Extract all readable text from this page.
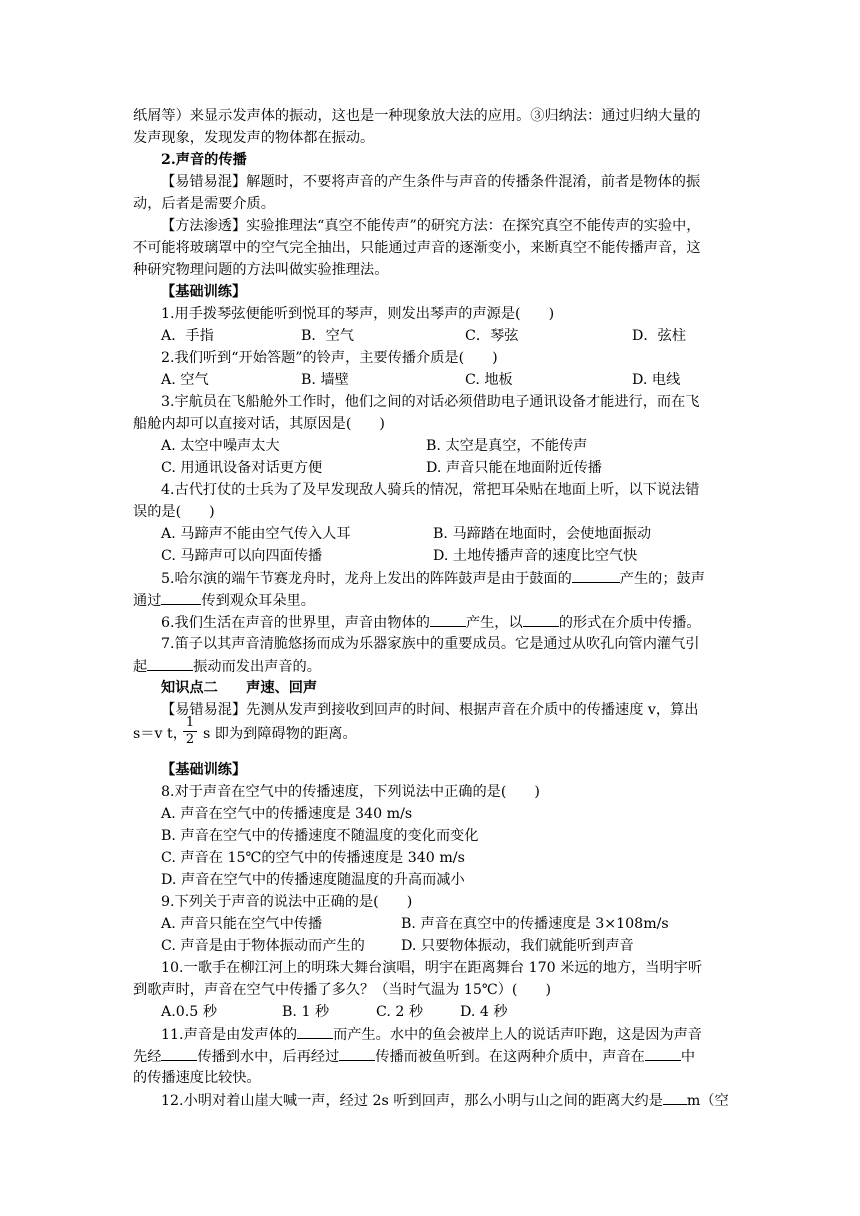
纸屑等）来显示发声体的振动，这也是一种现象放大法的应用。③归纳法：通过归纳大量的
发声现象，发现发声的物体都在振动。
2.声音的传播
【易错易混】解题时，不要将声音的产生条件与声音的传播条件混淆，前者是物体的振
动，后者是需要介质。
【方法渗透】实验推理法“真空不能传声”的研究方法：在探究真空不能传声的实验中，
不可能将玻璃罩中的空气完全抽出，只能通过声音的逐渐变小，来断真空不能传播声音，这
种研究物理问题的方法叫做实验推理法。
【基础训练】
1.用手拨琴弦便能听到悦耳的琴声，则发出琴声的声源是( )
A．手指	B．空气	C．琴弦	D．弦柱
2.我们听到“开始答题”的铃声，主要传播介质是( )
A. 空气	B. 墙壁	C. 地板	D. 电线
3.宇航员在飞船舱外工作时，他们之间的对话必须借助电子通讯设备才能进行，而在飞
船舱内却可以直接对话，其原因是( )
A. 太空中噪声太大	B. 太空是真空，不能传声
C. 用通讯设备对话更方便	D. 声音只能在地面附近传播
4.古代打仗的士兵为了及早发现敌人骑兵的情况，常把耳朵贴在地面上听，以下说法错
误的是( )
A. 马蹄声不能由空气传入人耳	B. 马蹄踏在地面时，会使地面振动
C. 马蹄声可以向四面传播	D. 土地传播声音的速度比空气快
5.哈尔演的端午节赛龙舟时，龙舟上发出的阵阵鼓声是由于鼓面的	产生的；鼓声
通过	传到观众耳朵里。
6.我们生活在声音的世界里，声音由物体的	产生，以	的形式在介质中传播。
7.笛子以其声音清脆悠扬而成为乐器家族中的重要成员。它是通过从吹孔向管内灌气引
起	振动而发出声音的。
知识点二　　声速、回声
【易错易混】先测从发声到接收到回声的时间、根据声音在介质中的传播速度 v，算出
s＝v t，
$\frac{1}{2}$ s 即为到障碍物的距离。
【基础训练】
8.对于声音在空气中的传播速度，下列说法中正确的是( )
A. 声音在空气中的传播速度是 340 m/s
B. 声音在空气中的传播速度不随温度的变化而变化
C. 声音在 15℃的空气中的传播速度是 340 m/s
D. 声音在空气中的传播速度随温度的升高而减小
9.下列关于声音的说法中正确的是( )
A. 声音只能在空气中传播	B. 声音在真空中的传播速度是 3×108m/s
C. 声音是由于物体振动而产生的	D. 只要物体振动，我们就能听到声音
10.一歌手在柳江河上的明珠大舞台演唱，明宇在距离舞台 170 米远的地方，当明宇听
到歌声时，声音在空气中传播了多久？（当时气温为 15℃）( )
A.0.5 秒	B. 1 秒	C. 2 秒	D. 4 秒
11.声音是由发声体的	而产生。水中的鱼会被岸上人的说话声吓跑，这是因为声音
先经	传播到水中，后再经过	传播而被鱼听到。在这两种介质中，声音在	中
的传播速度比较快。
12.小明对着山崖大喊一声，经过 2s 听到回声，那么小明与山之间的距离大约是 m（空
